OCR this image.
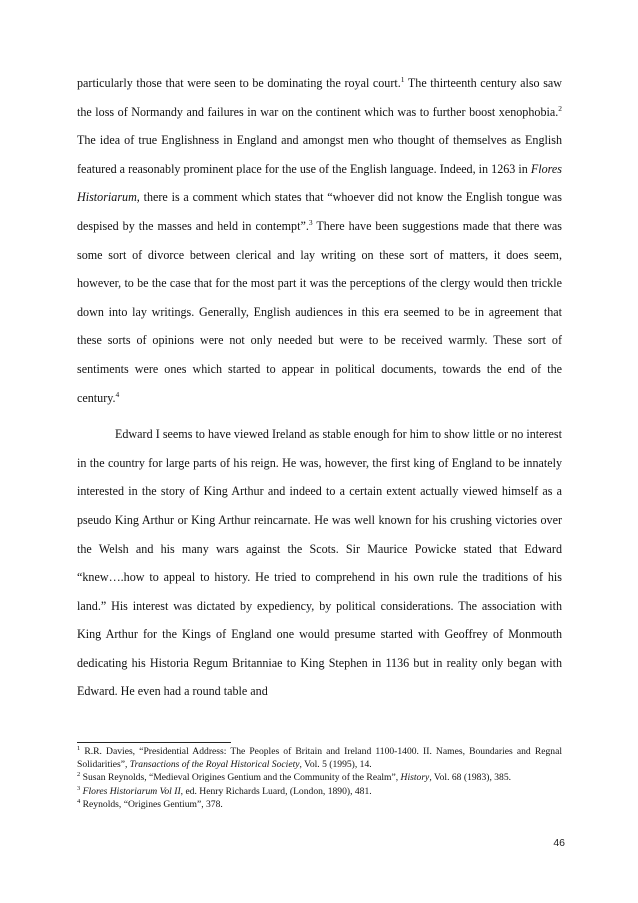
particularly those that were seen to be dominating the royal court.$^1$ The thirteenth century also saw the loss of Normandy and failures in war on the continent which was to further boost xenophobia.$^2$ The idea of true Englishness in England and amongst men who thought of themselves as English featured a reasonably prominent place for the use of the English language. Indeed, in 1263 in Flores Historiarum, there is a comment which states that “whoever did not know the English tongue was despised by the masses and held in contempt”.$^3$ There have been suggestions made that there was some sort of divorce between clerical and lay writing on these sort of matters, it does seem, however, to be the case that for the most part it was the perceptions of the clergy would then trickle down into lay writings. Generally, English audiences in this era seemed to be in agreement that these sorts of opinions were not only needed but were to be received warmly. These sort of sentiments were ones which started to appear in political documents, towards the end of the century.$^4$

Edward I seems to have viewed Ireland as stable enough for him to show little or no interest in the country for large parts of his reign. He was, however, the first king of England to be innately interested in the story of King Arthur and indeed to a certain extent actually viewed himself as a pseudo King Arthur or King Arthur reincarnate. He was well known for his crushing victories over the Welsh and his many wars against the Scots. Sir Maurice Powicke stated that Edward “knew….how to appeal to history. He tried to comprehend in his own rule the traditions of his land.” His interest was dictated by expediency, by political considerations. The association with King Arthur for the Kings of England one would presume started with Geoffrey of Monmouth dedicating his Historia Regum Britanniae to King Stephen in 1136 but in reality only began with Edward. He even had a round table and

$^1$ R.R. Davies, “Presidential Address: The Peoples of Britain and Ireland 1100-1400. II. Names, Boundaries and Regnal Solidarities”, Transactions of the Royal Historical Society, Vol. 5 (1995), 14.

$^2$ Susan Reynolds, “Medieval Origines Gentium and the Community of the Realm”, History, Vol. 68 (1983), 385.

$^3$ Flores Historiarum Vol II, ed. Henry Richards Luard, (London, 1890), 481.

$^4$ Reynolds, “Origines Gentium”, 378.

46
